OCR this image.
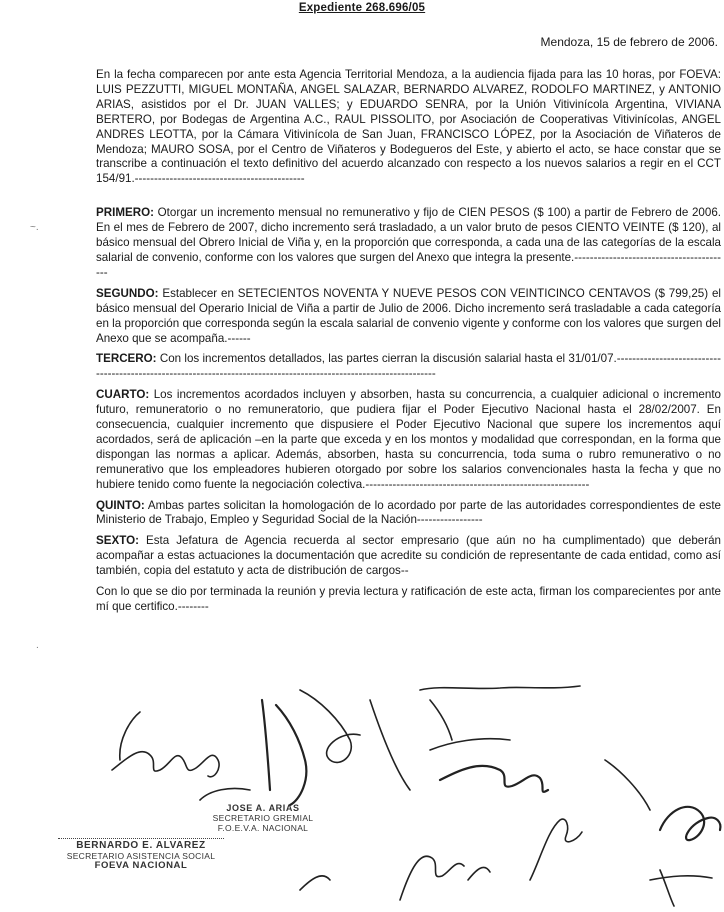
Expediente 268.696/05
Mendoza, 15 de febrero de 2006.

En la fecha comparecen por ante esta Agencia Territorial Mendoza, a la audiencia fijada para las 10 horas, por FOEVA: LUIS PEZZUTTI, MIGUEL MONTAÑA, ANGEL SALAZAR, BERNARDO ALVAREZ, RODOLFO MARTINEZ, y ANTONIO ARIAS, asistidos por el Dr. JUAN VALLES; y EDUARDO SENRA, por la Unión Vitivinícola Argentina, VIVIANA BERTERO, por Bodegas de Argentina A.C., RAUL PISSOLITO, por Asociación de Cooperativas Vitivinícolas, ANGEL ANDRES LEOTTA, por la Cámara Vitivinícola de San Juan, FRANCISCO LÓPEZ, por la Asociación de Viñateros de Mendoza; MAURO SOSA, por el Centro de Viñateros y Bodegueros del Este, y abierto el acto, se hace constar que se transcribe a continuación el texto definitivo del acuerdo alcanzado con respecto a los nuevos salarios a regir en el CCT 154/91.--------------------------------------------

PRIMERO: Otorgar un incremento mensual no remunerativo y fijo de CIEN PESOS ($ 100) a partir de Febrero de 2006. En el mes de Febrero de 2007, dicho incremento será trasladado, a un valor bruto de pesos CIENTO VEINTE ($ 120), al básico mensual del Obrero Inicial de Viña y, en la proporción que corresponda, a cada una de las categorías de la escala salarial de convenio, conforme con los valores que surgen del Anexo que integra la presente.-----------------------------------------

SEGUNDO: Establecer en SETECIENTOS NOVENTA Y NUEVE PESOS CON VEINTICINCO CENTAVOS ($ 799,25) el básico mensual del Operario Inicial de Viña a partir de Julio de 2006. Dicho incremento será trasladable a cada categoría en la proporción que corresponda según la escala salarial de convenio vigente y conforme con los valores que surgen del Anexo que se acompaña.------

TERCERO: Con los incrementos detallados, las partes cierran la discusión salarial hasta el 31/01/07.-------------------------------------------------------------------------------------------------------------------

CUARTO: Los incrementos acordados incluyen y absorben, hasta su concurrencia, a cualquier adicional o incremento futuro, remuneratorio o no remuneratorio, que pudiera fijar el Poder Ejecutivo Nacional hasta el 28/02/2007. En consecuencia, cualquier incremento que dispusiere el Poder Ejecutivo Nacional que supere los incrementos aquí acordados, será de aplicación –en la parte que exceda y en los montos y modalidad que correspondan, en la forma que dispongan las normas a aplicar. Además, absorben, hasta su concurrencia, toda suma o rubro remunerativo o no remunerativo que los empleadores hubieren otorgado por sobre los salarios convencionales hasta la fecha y que no hubiere tenido como fuente la negociación colectiva.----------------------------------------------------------

QUINTO: Ambas partes solicitan la homologación de lo acordado por parte de las autoridades correspondientes de este Ministerio de Trabajo, Empleo y Seguridad Social de la Nación-----------------

SEXTO: Esta Jefatura de Agencia recuerda al sector empresario (que aún no ha cumplimentado) que deberán acompañar a estas actuaciones la documentación que acredite su condición de representante de cada entidad, como así también, copia del estatuto y acta de distribución de cargos--

Con lo que se dio por terminada la reunión y previa lectura y ratificación de este acta, firman los comparecientes por ante mí que certifico.--------

~.
.
JOSE A. ARIAS
SECRETARIO GREMIAL
F.O.E.V.A. NACIONAL
BERNARDO E. ALVAREZ
SECRETARIO ASISTENCIA SOCIAL
FOEVA NACIONAL
